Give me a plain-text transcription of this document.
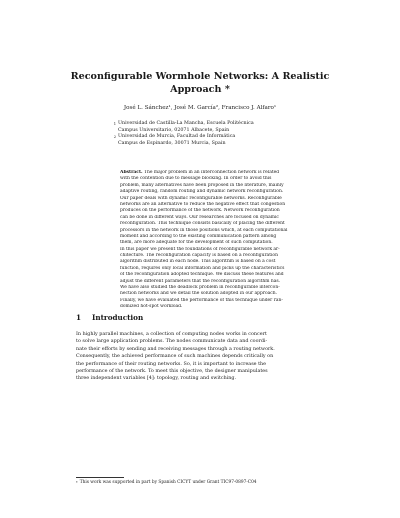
Reconfigurable Wormhole Networks: A Realistic
Approach *
José L. Sánchez¹, José M. García², Francisco J. Alfaro¹
1 Universidad de Castilla-La Mancha, Escuela Politécnica
Campus Universitario, 02071 Albacete, Spain
2 Universidad de Murcia, Facultad de Informática
Campus de Espinardo, 30071 Murcia, Spain
Abstract. The major problem in an interconnection network is related
with the contention due to message blocking. In order to avoid this
problem, many alternatives have been proposed in the literature, mainly
adaptive routing, random routing and dynamic network reconfiguration.
Our paper deals with dynamic reconfigurable networks. Reconfigurable
networks are an alternative to reduce the negative effect that congestion
produces on the performance of the network. Network reconfiguration
can be done in different ways. Our researches are focused on dynamic
reconfiguration. This technique consists basically of placing the different
processors in the network in those positions which, at each computational
moment and according to the existing communication pattern among
them, are more adequate for the development of such computation.
In this paper we present the foundations of reconfigurable network ar-
chitecture. The reconfiguration capacity is based on a reconfiguration
algorithm distributed in each node. This algorithm is based on a cost
function, requires only local information and picks up the characteristics
of the reconfiguration adopted technique. We discuss these features and
adjust the different parameters that the reconfiguration algorithm has.
We have also studied the deadlock problem in reconfigurable intercon-
nection networks and we detail the solution adopted in our approach.
Finally, we have evaluated the performance of this technique under ran-
domized hot-spot workload.
1 Introduction
In highly parallel machines, a collection of computing nodes works in concert
to solve large application problems. The nodes communicate data and coordi-
nate their efforts by sending and receiving messages through a routing network.
Consequently, the achieved performance of such machines depends critically on
the performance of their routing networks. So, it is important to increase the
performance of the network. To meet this objective, the designer manipulates
three independent variables [4]: topology, routing and switching.
* This work was supported in part by Spanish CICYT under Grant TIC97-0897-C04
